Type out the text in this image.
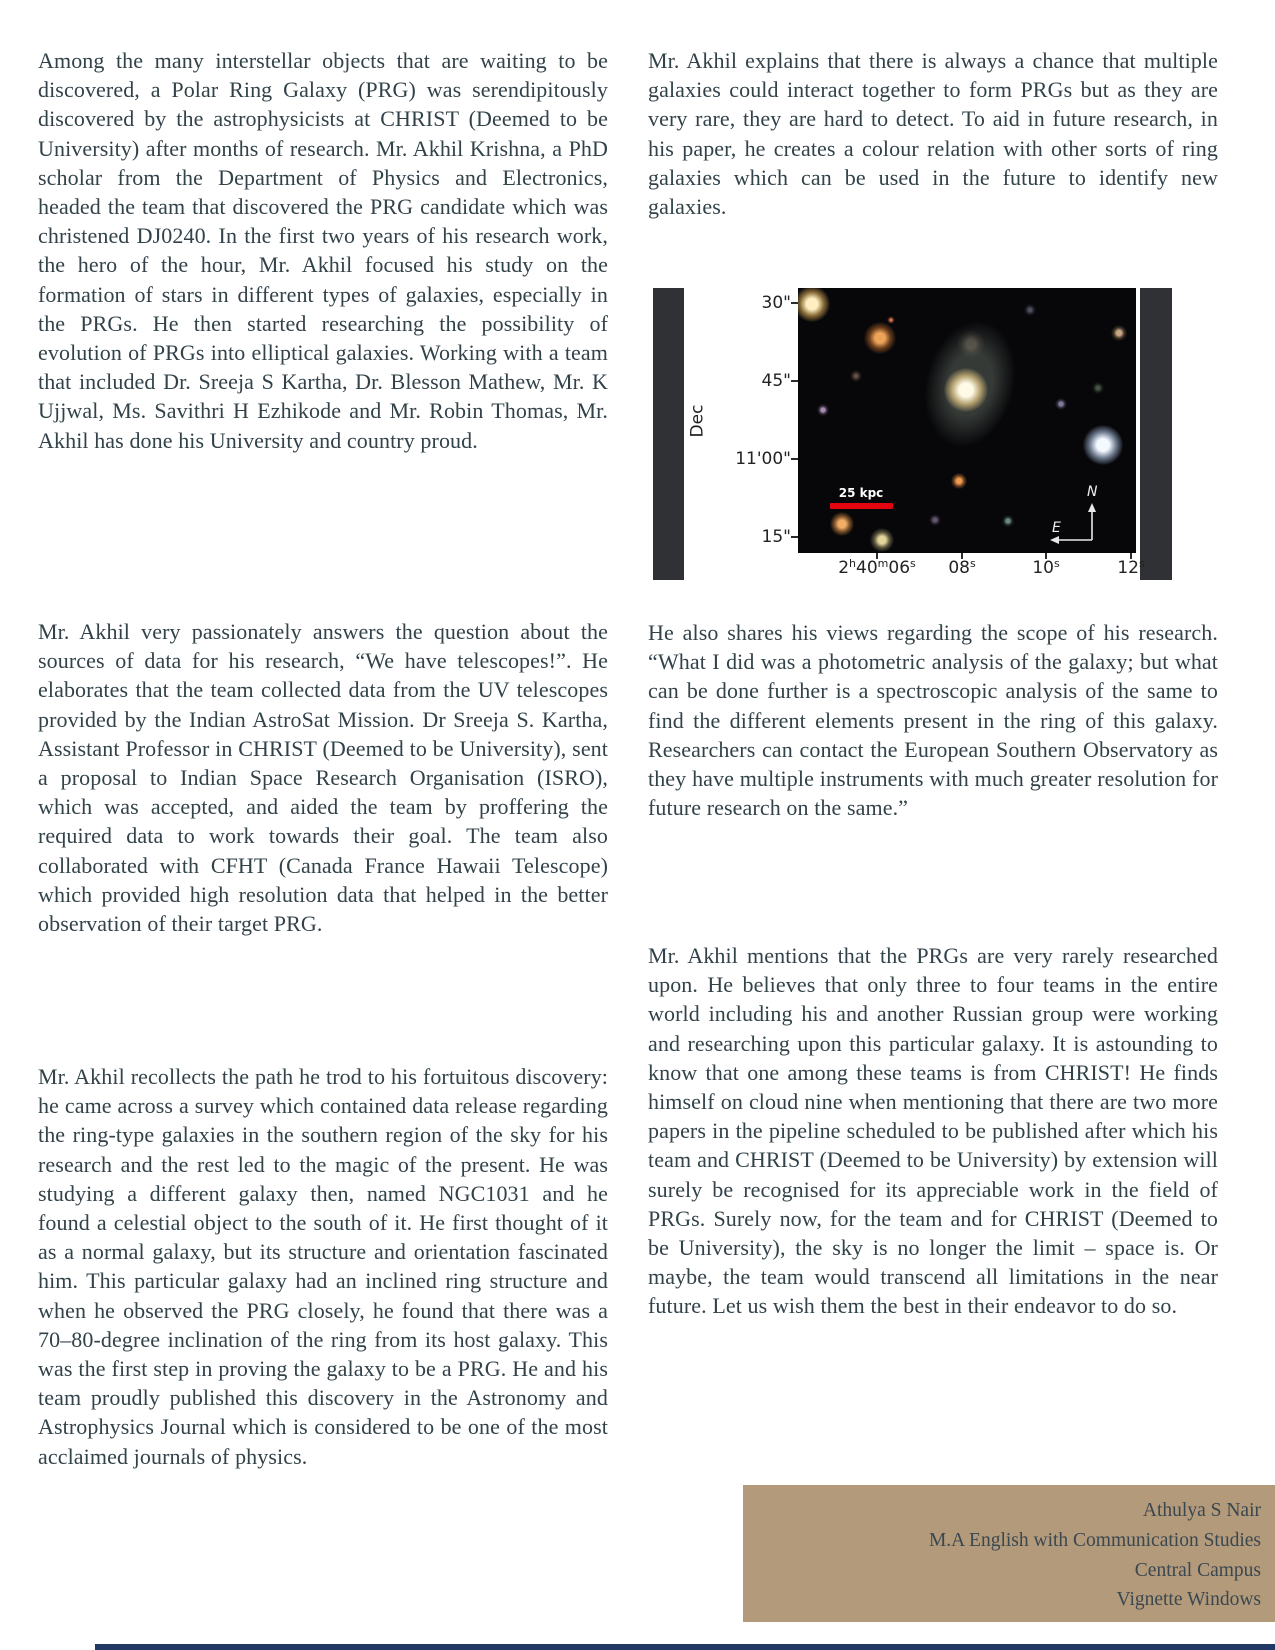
Among the many interstellar objects that are waiting to be discovered, a Polar Ring Galaxy (PRG) was serendipitously discovered by the astrophysicists at CHRIST (Deemed to be University) after months of research. Mr. Akhil Krishna, a PhD scholar from the Department of Physics and Electronics, headed the team that discovered the PRG candidate which was christened DJ0240. In the first two years of his research work, the hero of the hour, Mr. Akhil focused his study on the formation of stars in different types of galaxies, especially in the PRGs. He then started researching the possibility of evolution of PRGs into elliptical galaxies. Working with a team that included Dr. Sreeja S Kartha, Dr. Blesson Mathew, Mr. K Ujjwal, Ms. Savithri H Ezhikode and Mr. Robin Thomas, Mr. Akhil has done his University and country proud.

Mr. Akhil very passionately answers the question about the sources of data for his research, “We have telescopes!”. He elaborates that the team collected data from the UV telescopes provided by the Indian AstroSat Mission. Dr Sreeja S. Kartha, Assistant Professor in CHRIST (Deemed to be University), sent a proposal to Indian Space Research Organisation (ISRO), which was accepted, and aided the team by proffering the required data to work towards their goal. The team also collaborated with CFHT (Canada France Hawaii Telescope) which provided high resolution data that helped in the better observation of their target PRG.

Mr. Akhil recollects the path he trod to his fortuitous discovery: he came across a survey which contained data release regarding the ring-type galaxies in the southern region of the sky for his research and the rest led to the magic of the present. He was studying a different galaxy then, named NGC1031 and he found a celestial object to the south of it. He first thought of it as a normal galaxy, but its structure and orientation fascinated him. This particular galaxy had an inclined ring structure and when he observed the PRG closely, he found that there was a 70–80-degree inclination of the ring from its host galaxy. This was the first step in proving the galaxy to be a PRG. He and his team proudly published this discovery in the Astronomy and Astrophysics Journal which is considered to be one of the most acclaimed journals of physics.

Mr. Akhil explains that there is always a chance that multiple galaxies could interact together to form PRGs but as they are very rare, they are hard to detect. To aid in future research, in his paper, he creates a colour relation with other sorts of ring galaxies which can be used in the future to identify new galaxies.

Dec
30"
45"
11'00"
15"
25 kpc	N
E
2$^h$40$^m$06$^s$	08$^s$	10$^s$	12$^s$

He also shares his views regarding the scope of his research. “What I did was a photometric analysis of the galaxy; but what can be done further is a spectroscopic analysis of the same to find the different elements present in the ring of this galaxy. Researchers can contact the European Southern Observatory as they have multiple instruments with much greater resolution for future research on the same.”

Mr. Akhil mentions that the PRGs are very rarely researched upon. He believes that only three to four teams in the entire world including his and another Russian group were working and researching upon this particular galaxy. It is astounding to know that one among these teams is from CHRIST! He finds himself on cloud nine when mentioning that there are two more papers in the pipeline scheduled to be published after which his team and CHRIST (Deemed to be University) by extension will surely be recognised for its appreciable work in the field of PRGs. Surely now, for the team and for CHRIST (Deemed to be University), the sky is no longer the limit – space is. Or maybe, the team would transcend all limitations in the near future. Let us wish them the best in their endeavor to do so.

Athulya S Nair
M.A English with Communication Studies
Central Campus
Vignette Windows
